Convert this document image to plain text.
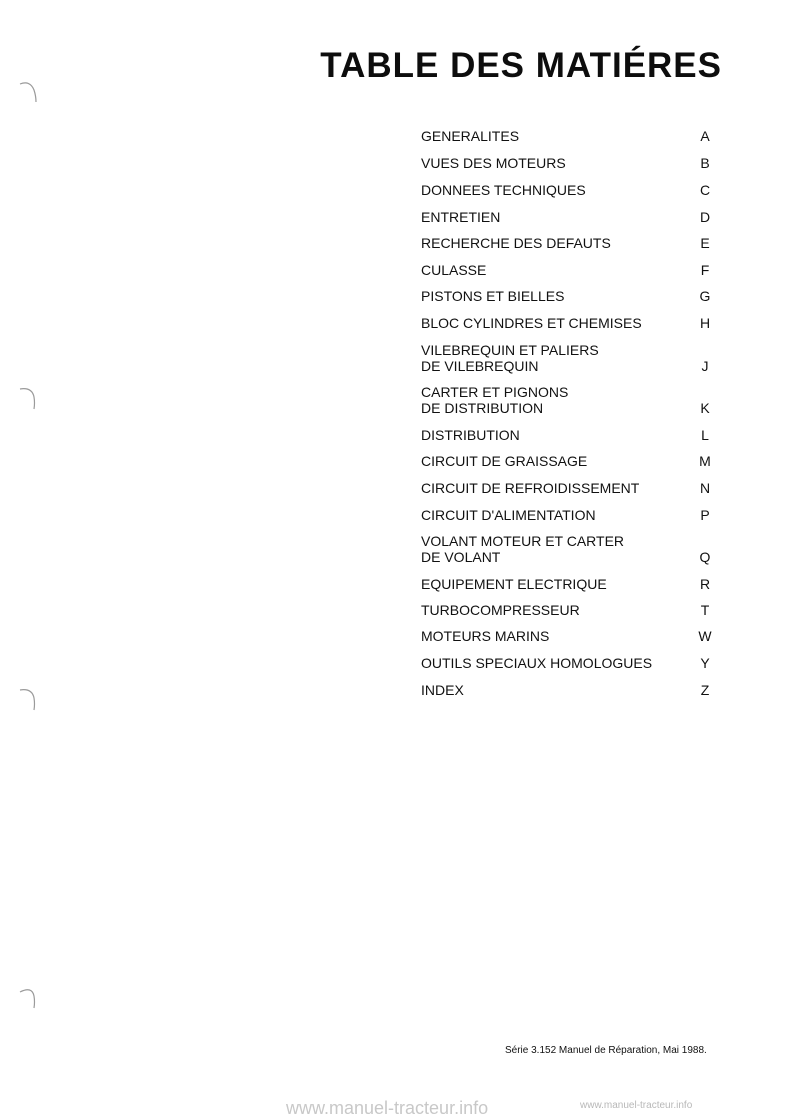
TABLE DES MATIÉRES
GENERALITES	A
VUES DES MOTEURS	B
DONNEES TECHNIQUES	C
ENTRETIEN	D
RECHERCHE DES DEFAUTS	E
CULASSE	F
PISTONS ET BIELLES	G
BLOC CYLINDRES ET CHEMISES	H
VILEBREQUIN ET PALIERS
DE VILEBREQUIN	J
CARTER ET PIGNONS
DE DISTRIBUTION	K
DISTRIBUTION	L
CIRCUIT DE GRAISSAGE	M
CIRCUIT DE REFROIDISSEMENT	N
CIRCUIT D'ALIMENTATION	P
VOLANT MOTEUR ET CARTER
DE VOLANT	Q
EQUIPEMENT ELECTRIQUE	R
TURBOCOMPRESSEUR	T
MOTEURS MARINS	W
OUTILS SPECIAUX HOMOLOGUES	Y
INDEX	Z
Série 3.152 Manuel de Réparation, Mai 1988.
www.manuel-tracteur.info	www.manuel-tracteur.info
